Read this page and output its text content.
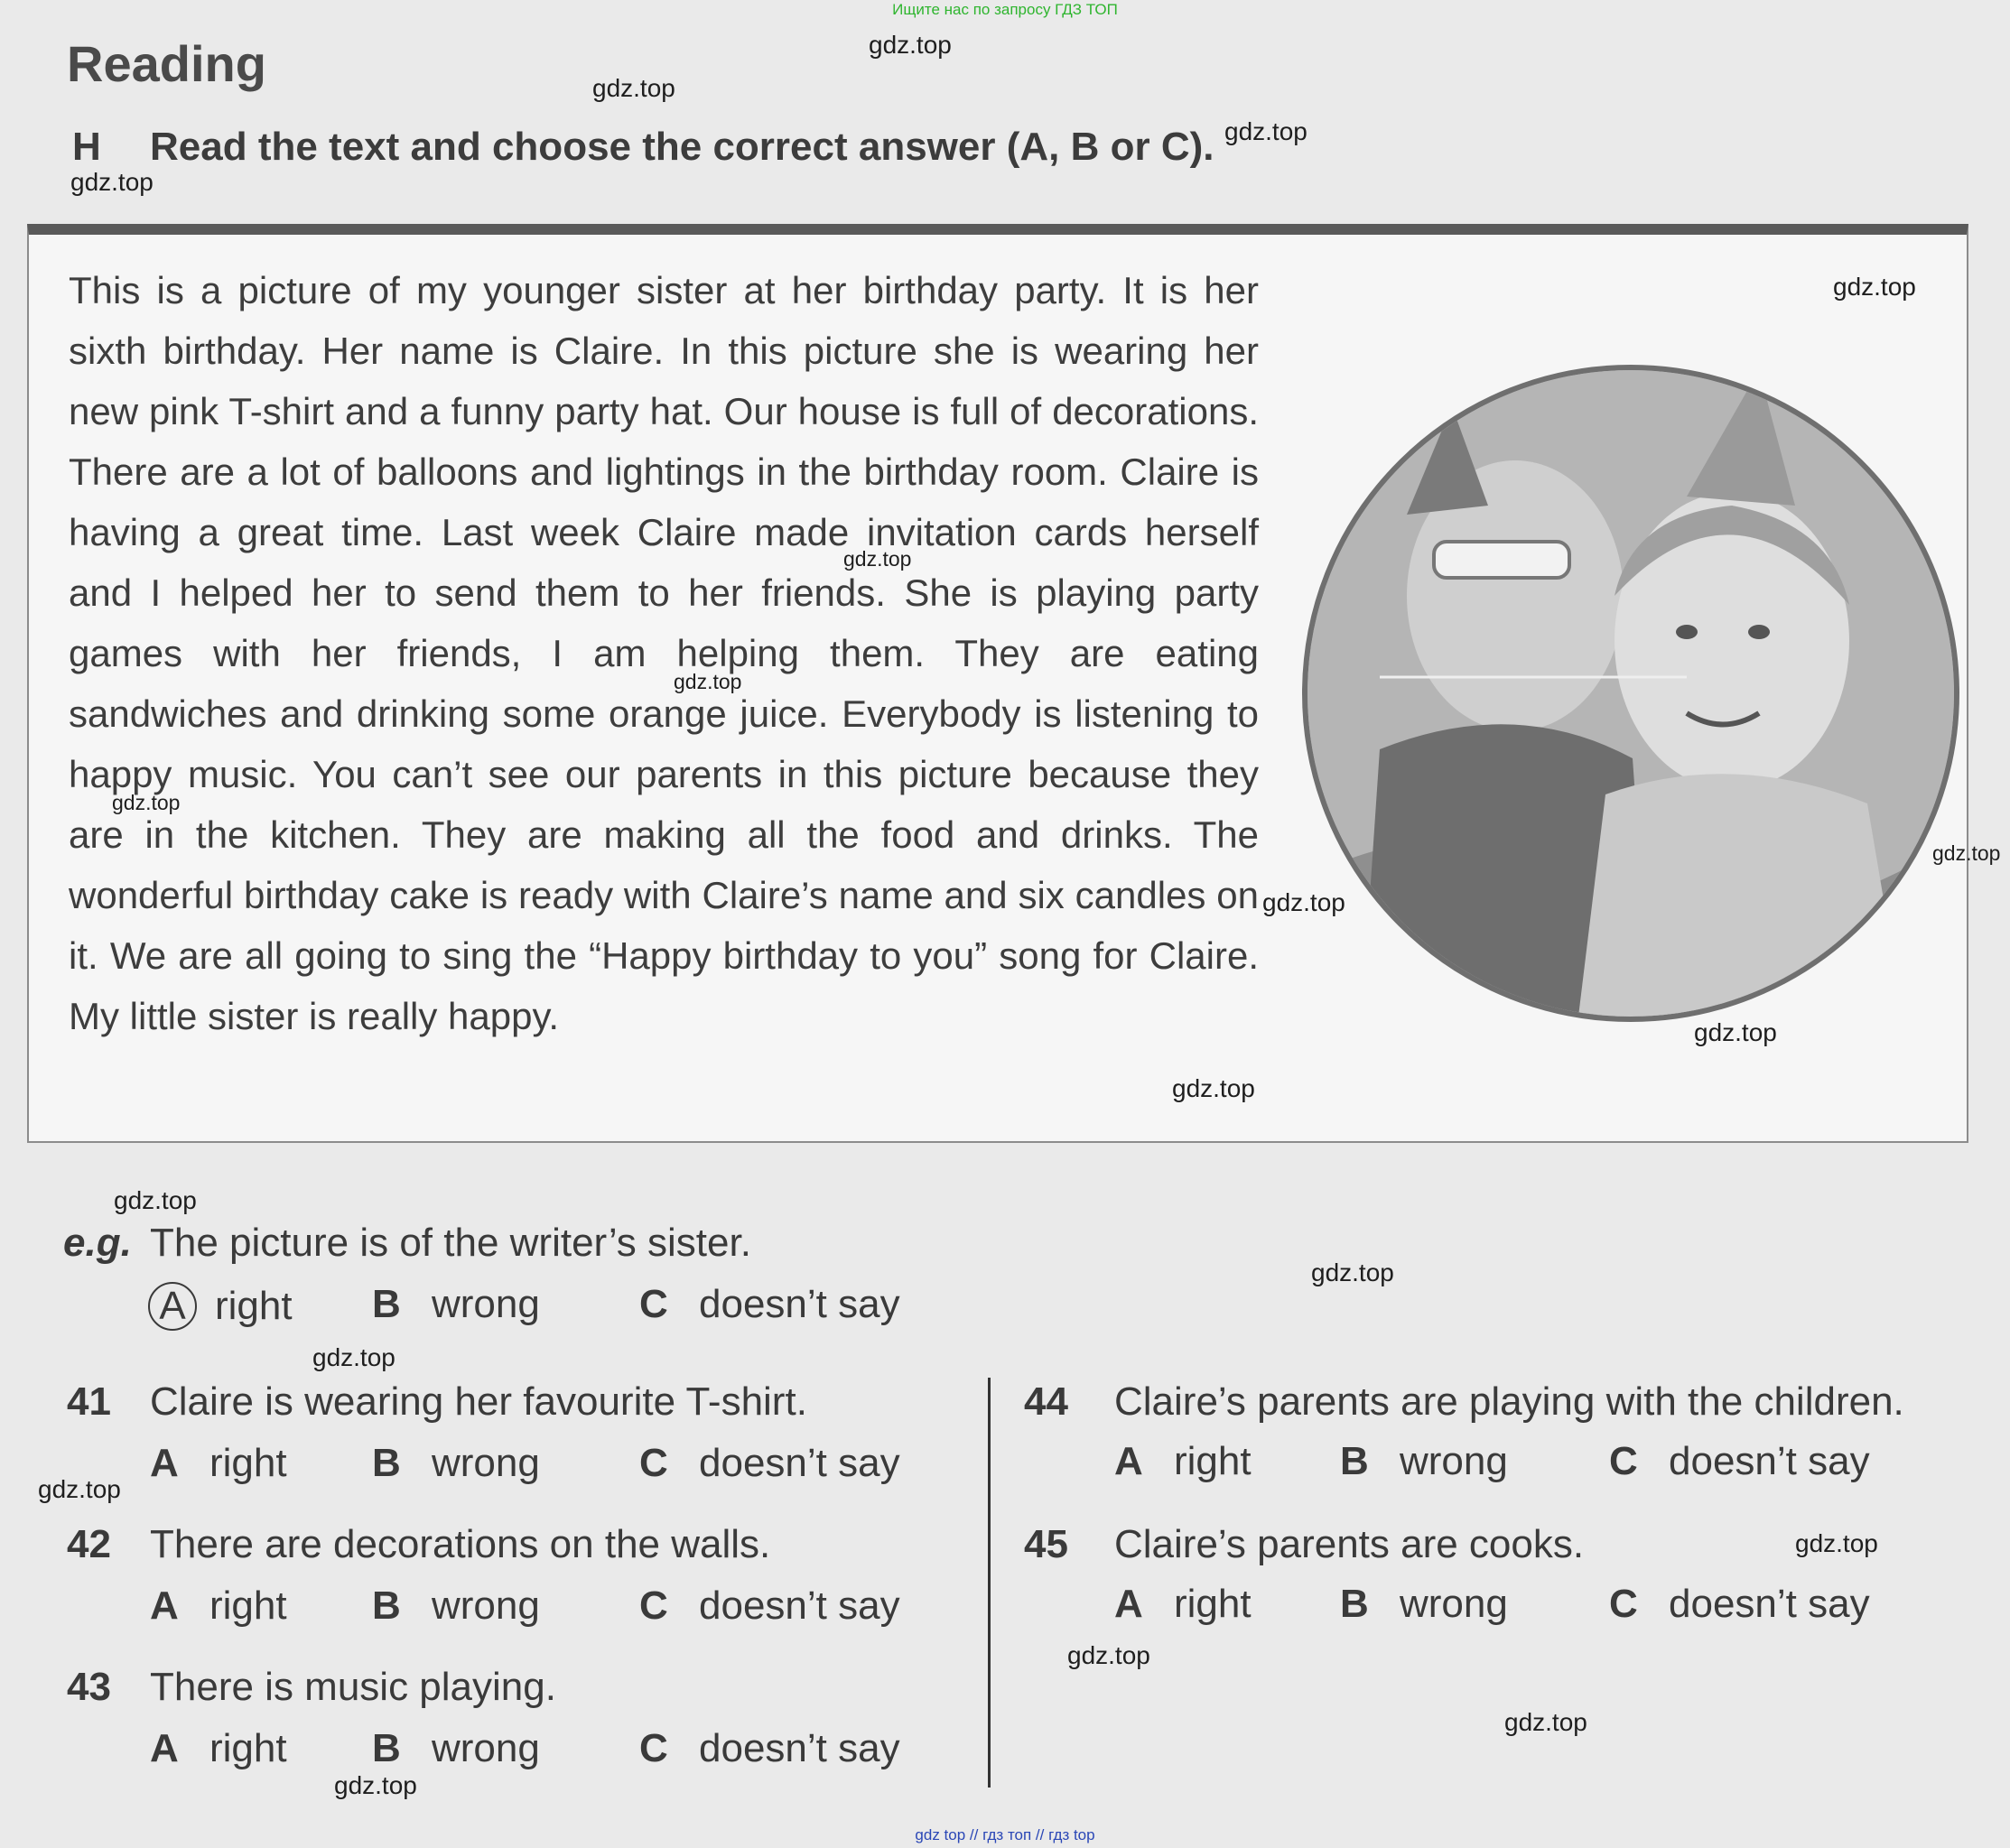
Ищите нас по запросу ГДЗ ТОП
Reading
H Read the text and choose the correct answer (A, B or C).
This is a picture of my younger sister at her birthday party. It is her sixth birthday. Her name is Claire. In this picture she is wearing her new pink T-shirt and a funny party hat. Our house is full of decorations. There are a lot of balloons and lightings in the birthday room. Claire is having a great time. Last week Claire made invitation cards herself and I helped her to send them to her friends. She is playing party games with her friends, I am helping them. They are eating sandwiches and drinking some orange juice. Everybody is listening to happy music. You can’t see our parents in this picture because they are in the kitchen. They are making all the food and drinks. The wonderful birthday cake is ready with Claire’s name and six candles on it. We are all going to sing the “Happy birthday to you” song for Claire. My little sister is really happy.
e.g. The picture is of the writer’s sister.
A right B wrong	C doesn’t say
41 Claire is wearing her favourite T-shirt.
A right B wrong	C doesn’t say
42 There are decorations on the walls.
A right B wrong	C doesn’t say
43 There is music playing.
A right B wrong	C doesn’t say
44 Claire’s parents are playing with the children.
A right B wrong	C doesn’t say
45 Claire’s parents are cooks.
A right B wrong	C doesn’t say
gdz.top
gdz.top
gdz.top
gdz.top
gdz.top
gdz.top
gdz.top
gdz.top
gdz.top
gdz.top
gdz.top
gdz.top
gdz.top
gdz.top
gdz.top
gdz.top
gdz.top
gdz.top
gdz.top
gdz.top
gdz top // гдз топ // гдз top
